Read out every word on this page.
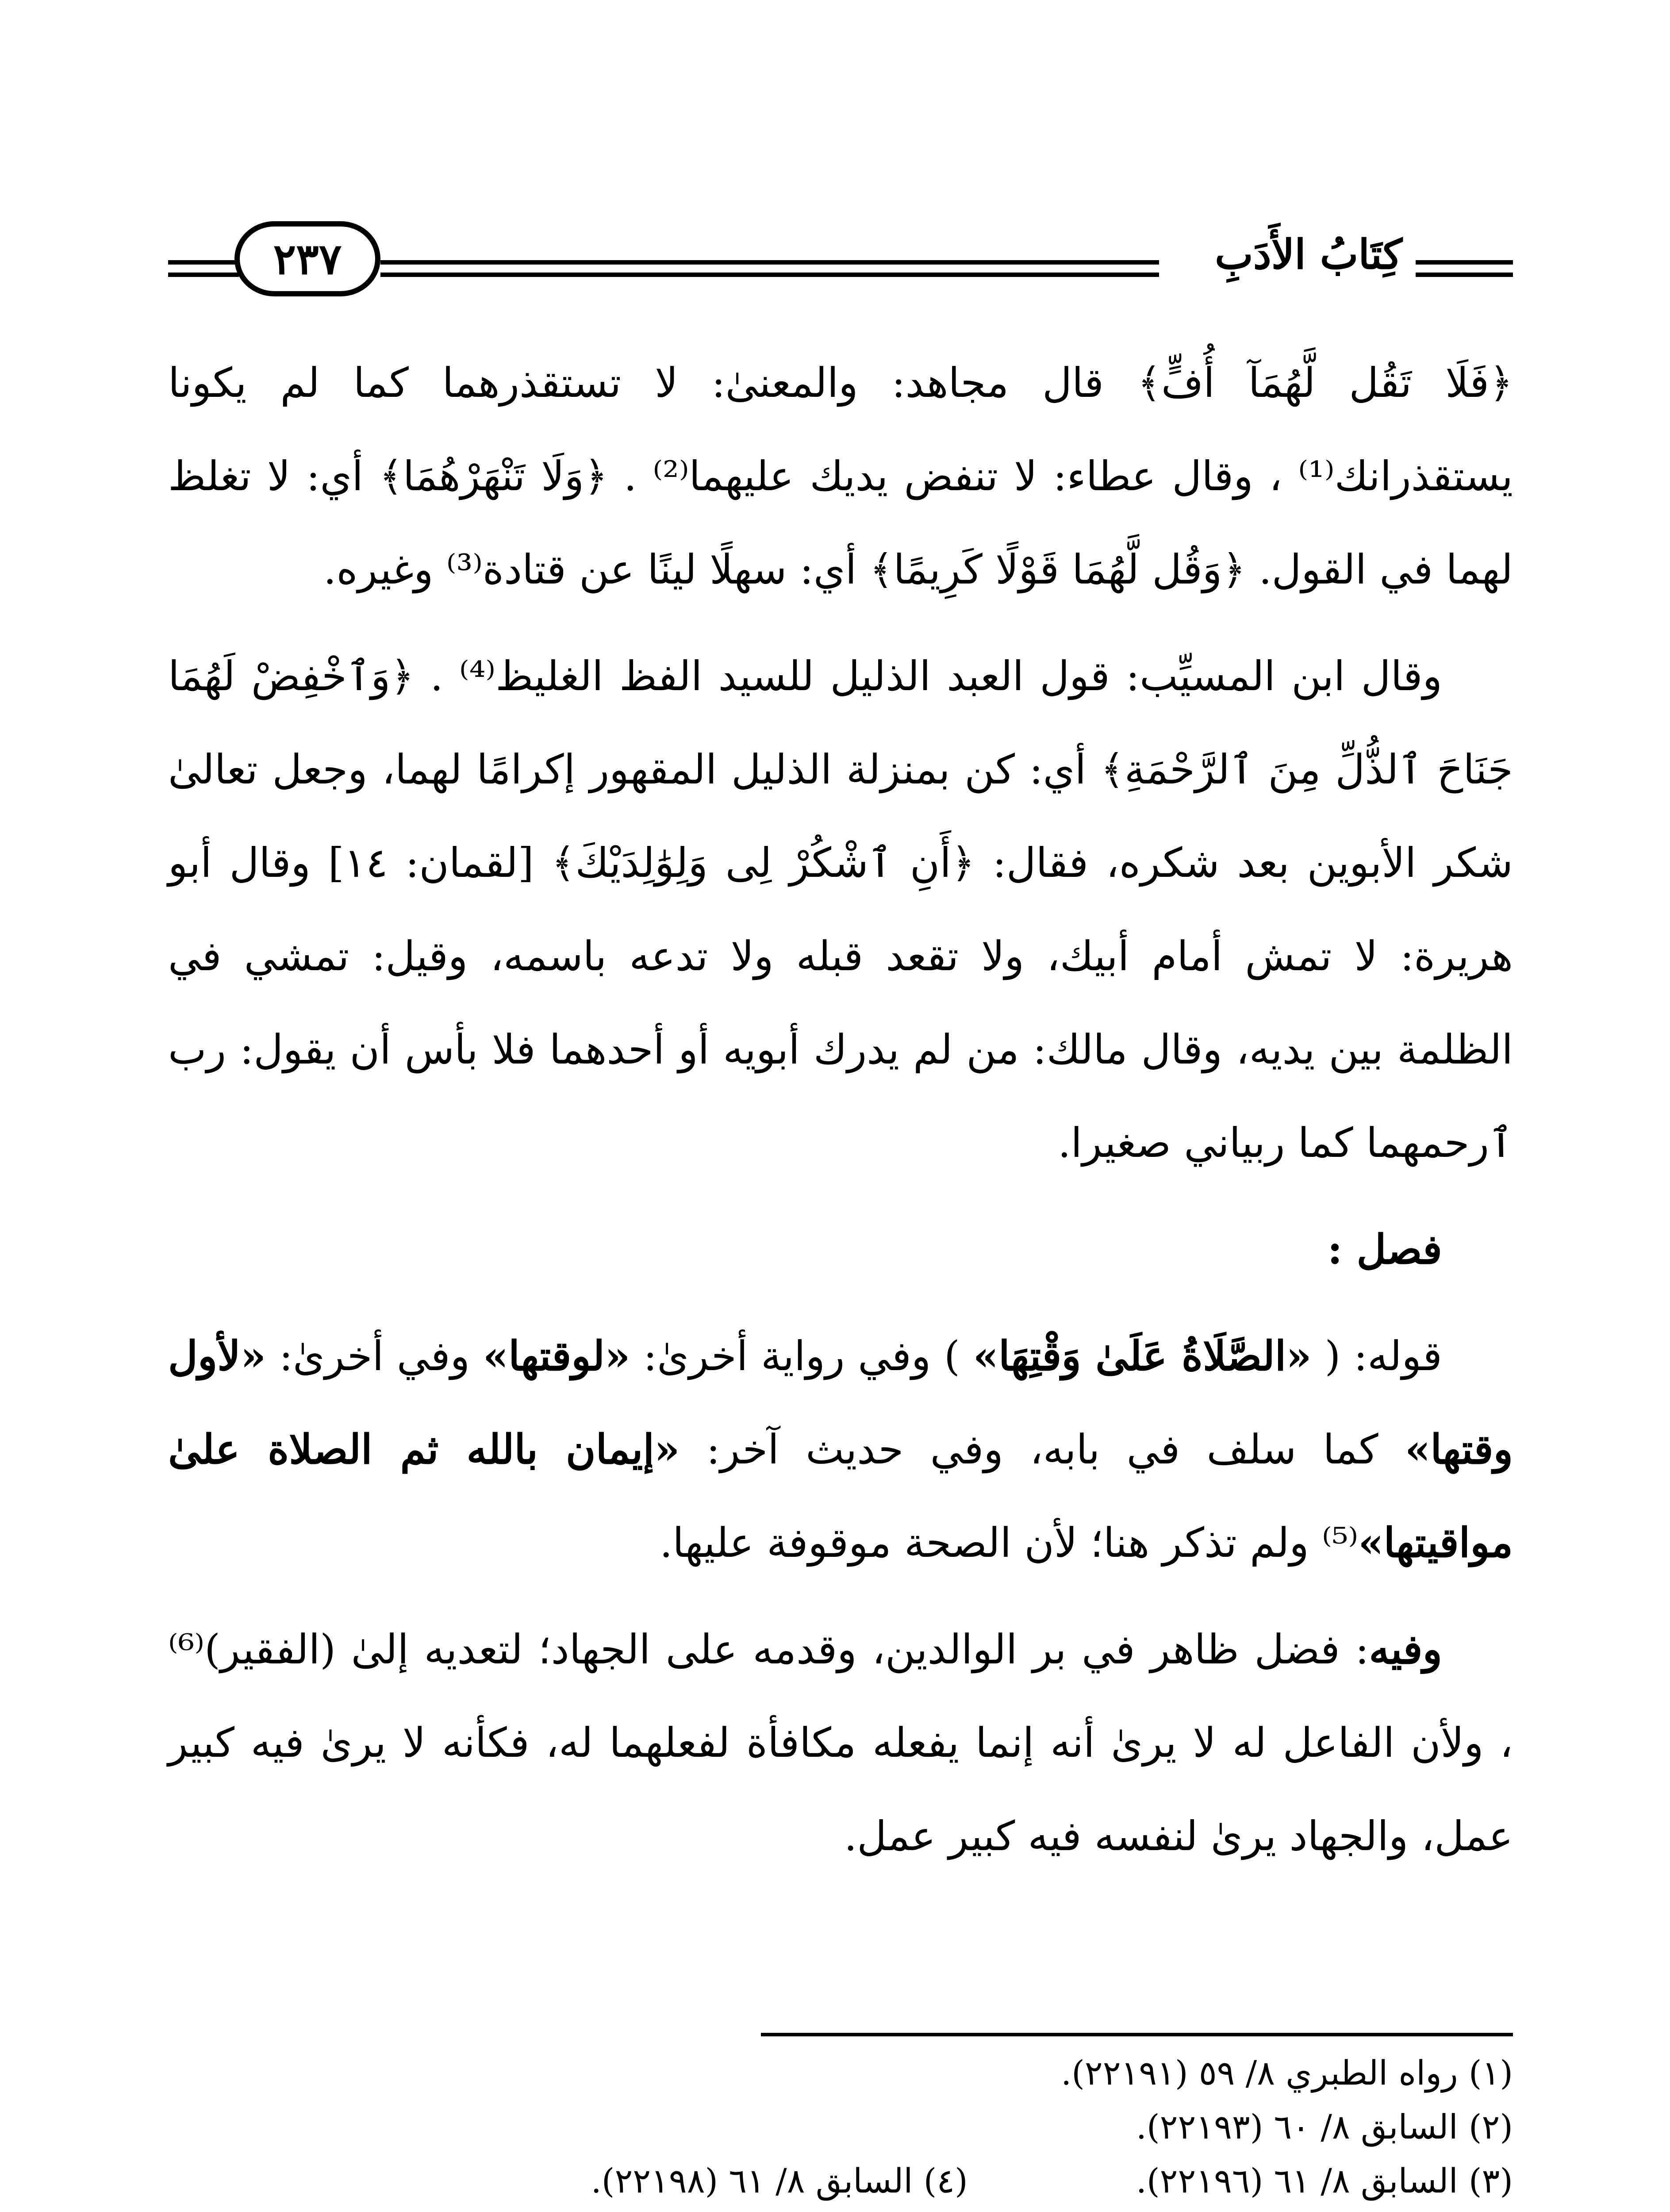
كِتَابُ الأَدَبِ
٢٣٧

﴿فَلَا تَقُل لَّهُمَآ أُفٍّ﴾ قال مجاهد: والمعنىٰ: لا تستقذرهما كما لم يكونا يستقذرانك⁽¹⁾ ، وقال عطاء: لا تنفض يديك عليهما⁽²⁾ . ﴿وَلَا تَنْهَرْهُمَا﴾ أي: لا تغلظ لهما في القول. ﴿وَقُل لَّهُمَا قَوْلًا كَرِيمًا﴾ أي: سهلًا لينًا عن قتادة⁽³⁾ وغيره.

وقال ابن المسيِّب: قول العبد الذليل للسيد الفظ الغليظ⁽⁴⁾ . ﴿وَٱخْفِضْ لَهُمَا جَنَاحَ ٱلذُّلِّ مِنَ ٱلرَّحْمَةِ﴾ أي: كن بمنزلة الذليل المقهور إكرامًا لهما، وجعل تعالىٰ شكر الأبوين بعد شكره، فقال: ﴿أَنِ ٱشْكُرْ لِى وَلِوَٰلِدَيْكَ﴾ [لقمان: ١٤] وقال أبو هريرة: لا تمش أمام أبيك، ولا تقعد قبله ولا تدعه باسمه، وقيل: تمشي في الظلمة بين يديه، وقال مالك: من لم يدرك أبويه أو أحدهما فلا بأس أن يقول: رب ٱرحمهما كما ربياني صغيرا.

فصل :

قوله: ( «الصَّلَاةُ عَلَىٰ وَقْتِهَا» ) وفي رواية أخرىٰ: «لوقتها» وفي أخرىٰ: «لأول وقتها» كما سلف في بابه، وفي حديث آخر: «إيمان بالله ثم الصلاة علىٰ مواقيتها»⁽⁵⁾ ولم تذكر هنا؛ لأن الصحة موقوفة عليها.

وفيه: فضل ظاهر في بر الوالدين، وقدمه على الجهاد؛ لتعديه إلىٰ (الفقير)⁽⁶⁾ ، ولأن الفاعل له لا يرىٰ أنه إنما يفعله مكافأة لفعلهما له، فكأنه لا يرىٰ فيه كبير عمل، والجهاد يرىٰ لنفسه فيه كبير عمل.

(١) رواه الطبري ٨/ ٥٩ (٢٢١٩١).
(٢) السابق ٨/ ٦٠ (٢٢١٩٣).
(٣) السابق ٨/ ٦١ (٢٢١٩٦).(٤) السابق ٨/ ٦١ (٢٢١٩٨).
